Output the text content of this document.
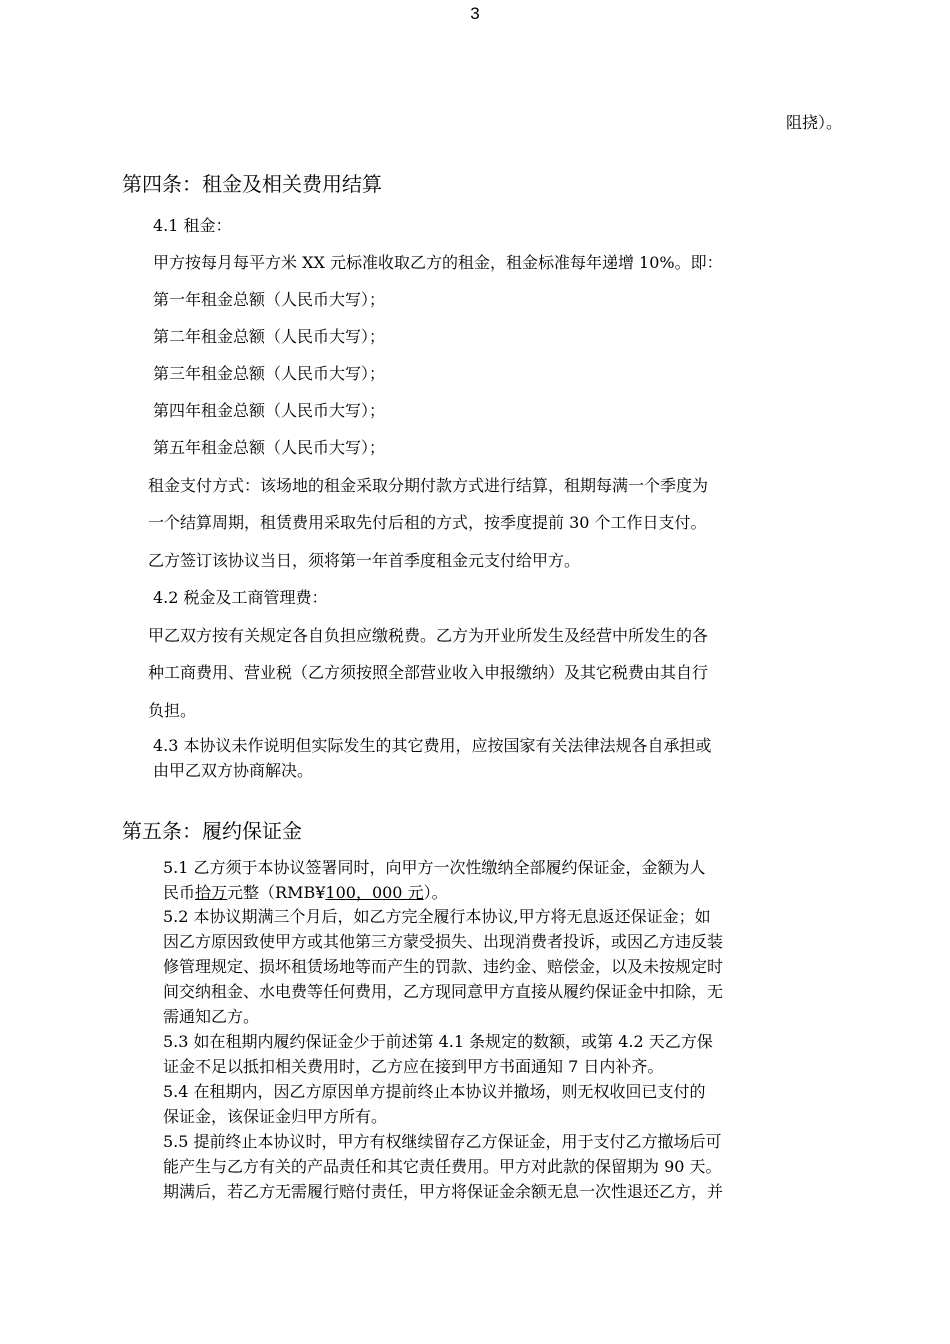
3
阻挠）。
第四条：租金及相关费用结算
4.1 租金：
甲方按每月每平方米 XX 元标准收取乙方的租金，租金标准每年递增 10%。即：
第一年租金总额（人民币大写）；
第二年租金总额（人民币大写）；
第三年租金总额（人民币大写）；
第四年租金总额（人民币大写）；
第五年租金总额（人民币大写）；
租金支付方式：该场地的租金采取分期付款方式进行结算，租期每满一个季度为
一个结算周期，租赁费用采取先付后租的方式，按季度提前 30 个工作日支付。
乙方签订该协议当日，须将第一年首季度租金元支付给甲方。
4.2 税金及工商管理费：
甲乙双方按有关规定各自负担应缴税费。乙方为开业所发生及经营中所发生的各
种工商费用、营业税（乙方须按照全部营业收入申报缴纳）及其它税费由其自行
负担。
4.3 本协议未作说明但实际发生的其它费用，应按国家有关法律法规各自承担或
由甲乙双方协商解决。
第五条：履约保证金
5.1 乙方须于本协议签署同时，向甲方一次性缴纳全部履约保证金，金额为人
民币拾万元整（RMB¥100，000 元）。
5.2 本协议期满三个月后，如乙方完全履行本协议,甲方将无息返还保证金；如
因乙方原因致使甲方或其他第三方蒙受损失、出现消费者投诉，或因乙方违反装
修管理规定、损坏租赁场地等而产生的罚款、违约金、赔偿金，以及未按规定时
间交纳租金、水电费等任何费用，乙方现同意甲方直接从履约保证金中扣除，无
需通知乙方。
5.3 如在租期内履约保证金少于前述第 4.1 条规定的数额，或第 4.2 天乙方保
证金不足以抵扣相关费用时，乙方应在接到甲方书面通知 7 日内补齐。
5.4 在租期内，因乙方原因单方提前终止本协议并撤场，则无权收回已支付的
保证金，该保证金归甲方所有。
5.5 提前终止本协议时，甲方有权继续留存乙方保证金，用于支付乙方撤场后可
能产生与乙方有关的产品责任和其它责任费用。甲方对此款的保留期为 90 天。
期满后，若乙方无需履行赔付责任，甲方将保证金余额无息一次性退还乙方，并
